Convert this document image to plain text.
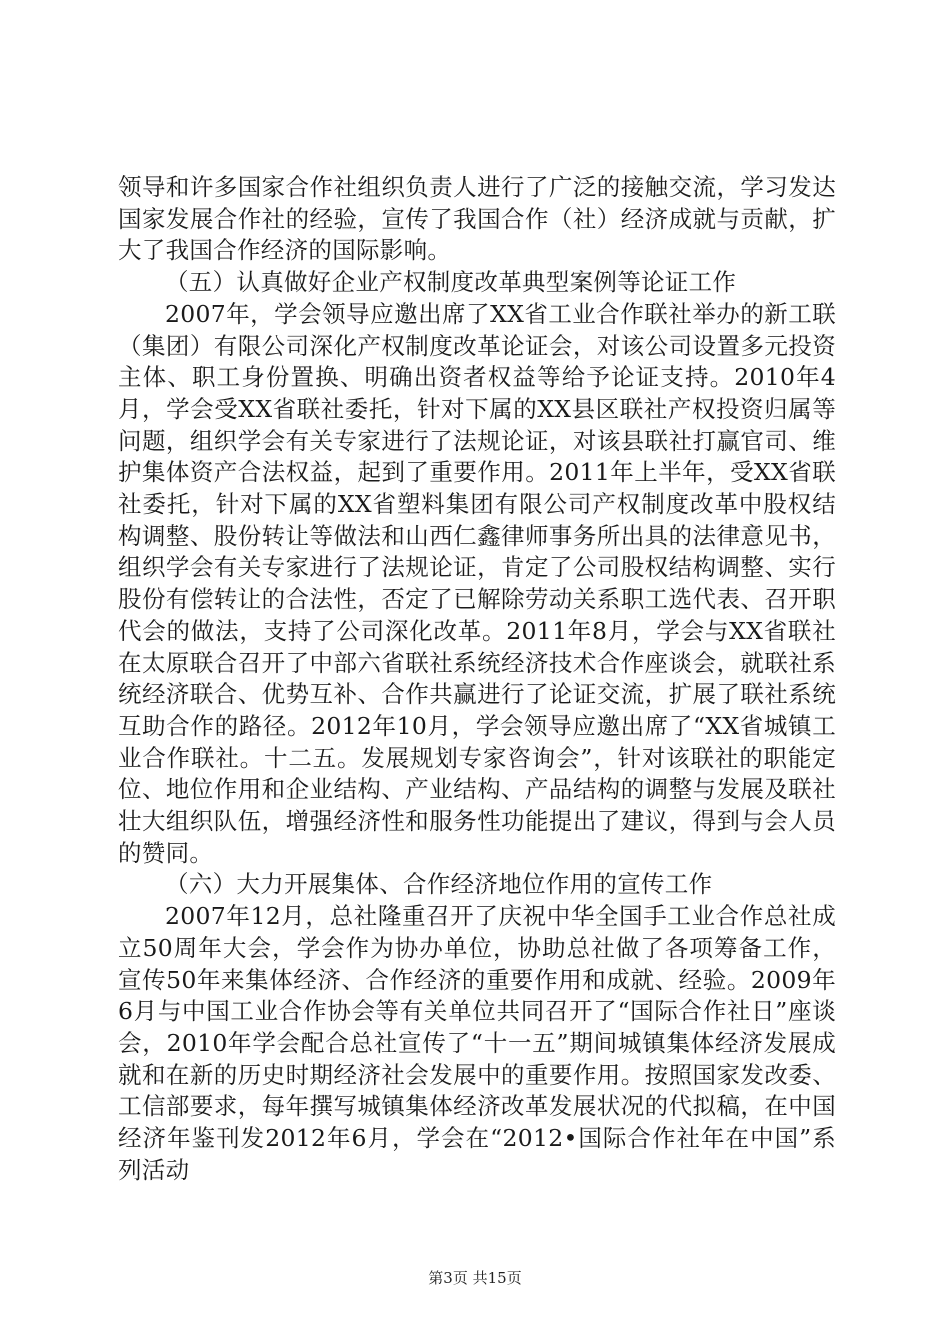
领导和许多国家合作社组织负责人进行了广泛的接触交流，学习发达国家发展合作社的经验，宣传了我国合作（社）经济成就与贡献，扩大了我国合作经济的国际影响。

（五）认真做好企业产权制度改革典型案例等论证工作

2007年，学会领导应邀出席了XX省工业合作联社举办的新工联（集团）有限公司深化产权制度改革论证会，对该公司设置多元投资主体、职工身份置换、明确出资者权益等给予论证支持。2010年4月，学会受XX省联社委托，针对下属的XX县区联社产权投资归属等问题，组织学会有关专家进行了法规论证，对该县联社打赢官司、维护集体资产合法权益，起到了重要作用。2011年上半年，受XX省联社委托，针对下属的XX省塑料集团有限公司产权制度改革中股权结构调整、股份转让等做法和山西仁鑫律师事务所出具的法律意见书，组织学会有关专家进行了法规论证，肯定了公司股权结构调整、实行股份有偿转让的合法性，否定了已解除劳动关系职工选代表、召开职代会的做法，支持了公司深化改革。2011年8月，学会与XX省联社在太原联合召开了中部六省联社系统经济技术合作座谈会，就联社系统经济联合、优势互补、合作共赢进行了论证交流，扩展了联社系统互助合作的路径。2012年10月，学会领导应邀出席了“XX省城镇工业合作联社。十二五。发展规划专家咨询会”，针对该联社的职能定位、地位作用和企业结构、产业结构、产品结构的调整与发展及联社壮大组织队伍，增强经济性和服务性功能提出了建议，得到与会人员的赞同。

（六）大力开展集体、合作经济地位作用的宣传工作

2007年12月，总社隆重召开了庆祝中华全国手工业合作总社成立50周年大会，学会作为协办单位，协助总社做了各项筹备工作，宣传50年来集体经济、合作经济的重要作用和成就、经验。2009年6月与中国工业合作协会等有关单位共同召开了“国际合作社日”座谈会，2010年学会配合总社宣传了“十一五”期间城镇集体经济发展成就和在新的历史时期经济社会发展中的重要作用。按照国家发改委、工信部要求，每年撰写城镇集体经济改革发展状况的代拟稿，在中国经济年鉴刊发2012年6月，学会在“2012•国际合作社年在中国”系列活动

第3页 共15页
